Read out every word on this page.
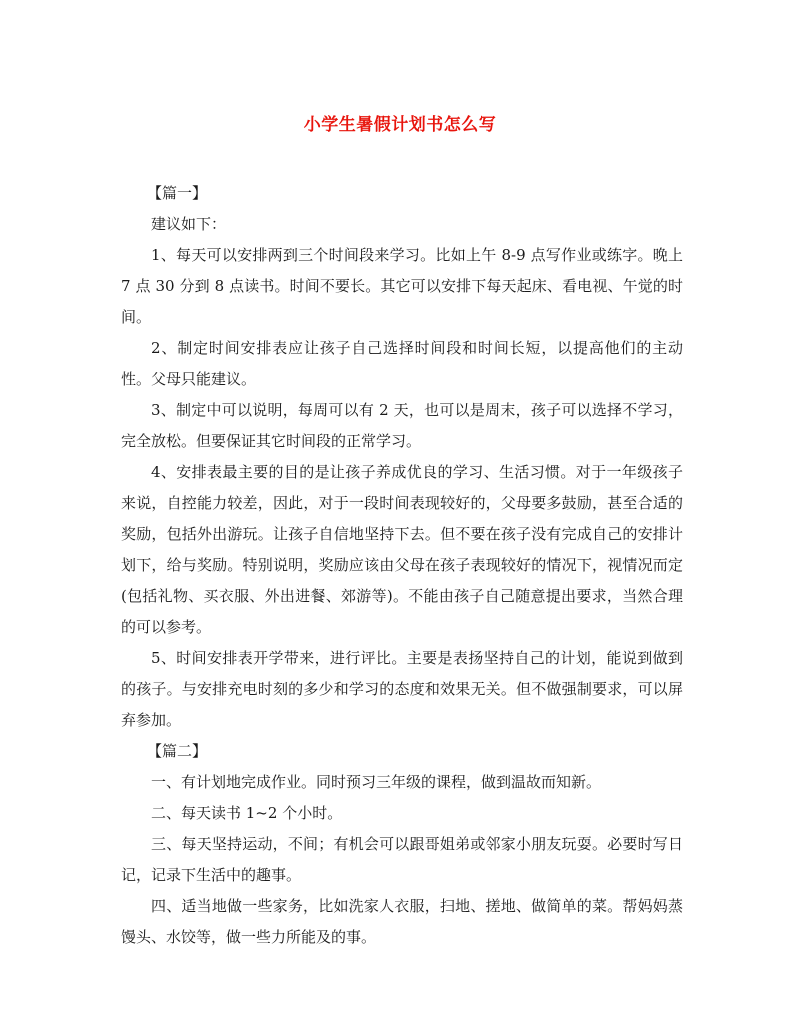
小学生暑假计划书怎么写

【篇一】

建议如下：

1、每天可以安排两到三个时间段来学习。比如上午 8-9 点写作业或练字。晚上 7 点 30 分到 8 点读书。时间不要长。其它可以安排下每天起床、看电视、午觉的时间。

2、制定时间安排表应让孩子自己选择时间段和时间长短，以提高他们的主动性。父母只能建议。

3、制定中可以说明，每周可以有 2 天，也可以是周末，孩子可以选择不学习，完全放松。但要保证其它时间段的正常学习。

4、安排表最主要的目的是让孩子养成优良的学习、生活习惯。对于一年级孩子来说，自控能力较差，因此，对于一段时间表现较好的，父母要多鼓励，甚至合适的奖励，包括外出游玩。让孩子自信地坚持下去。但不要在孩子没有完成自己的安排计划下，给与奖励。特别说明，奖励应该由父母在孩子表现较好的情况下，视情况而定(包括礼物、买衣服、外出进餐、郊游等)。不能由孩子自己随意提出要求，当然合理的可以参考。

5、时间安排表开学带来，进行评比。主要是表扬坚持自己的计划，能说到做到的孩子。与安排充电时刻的多少和学习的态度和效果无关。但不做强制要求，可以屏弃参加。

【篇二】

一、有计划地完成作业。同时预习三年级的课程，做到温故而知新。

二、每天读书 1~2 个小时。

三、每天坚持运动，不间；有机会可以跟哥姐弟或邻家小朋友玩耍。必要时写日记，记录下生活中的趣事。

四、适当地做一些家务，比如洗家人衣服，扫地、搓地、做简单的菜。帮妈妈蒸馒头、水饺等，做一些力所能及的事。
